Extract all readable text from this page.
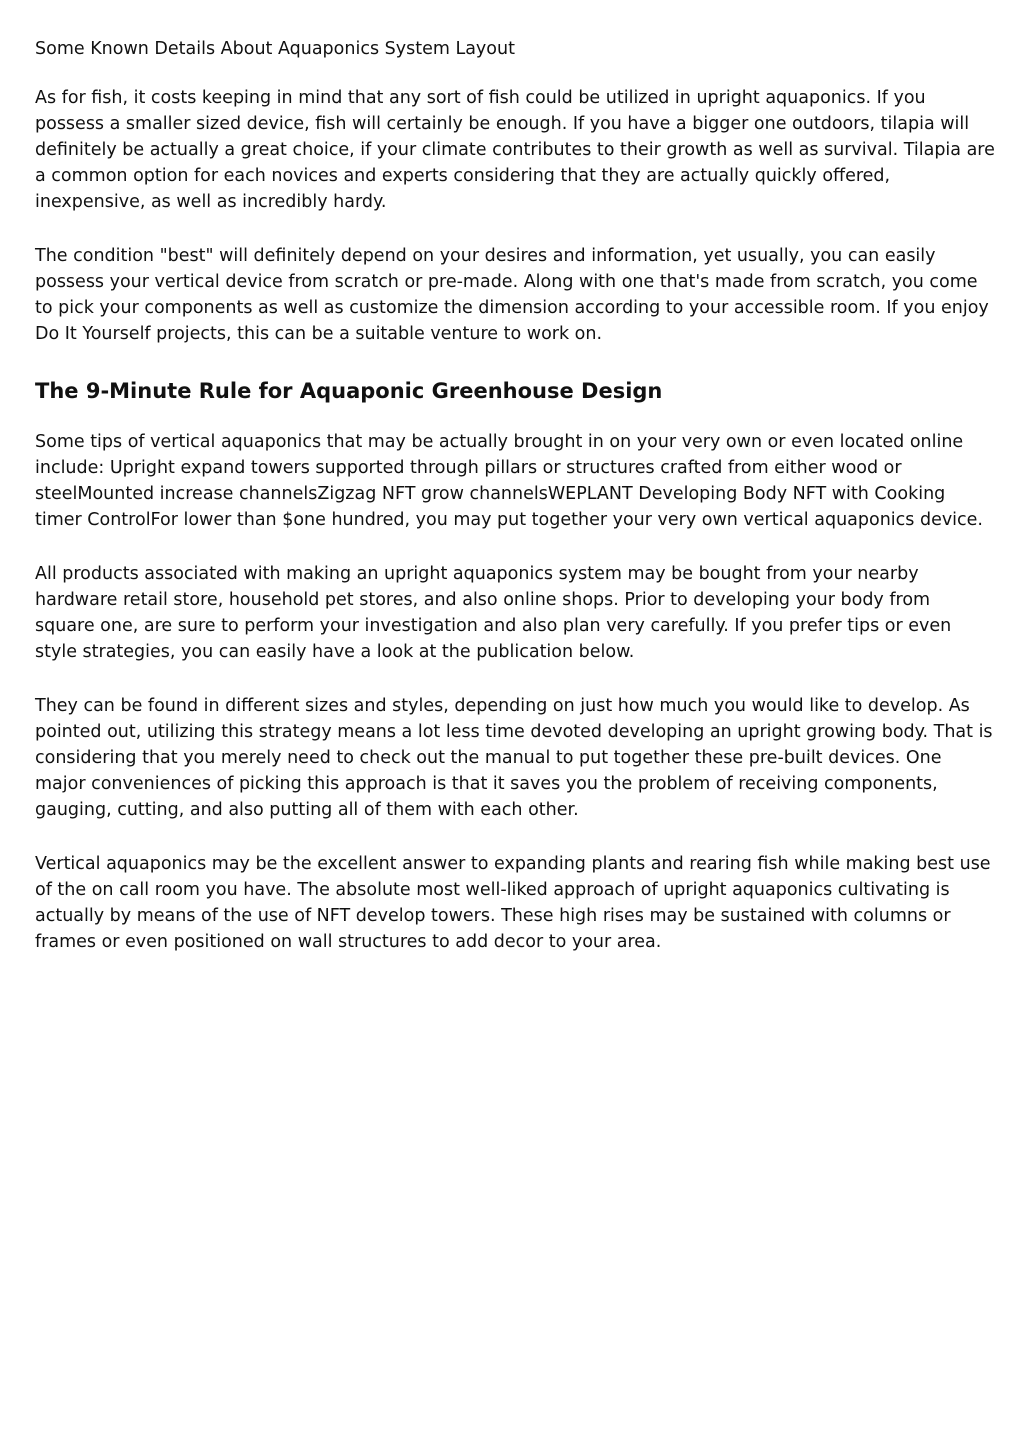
Some Known Details About Aquaponics System Layout

As for fish, it costs keeping in mind that any sort of fish could be utilized in upright aquaponics. If you possess a smaller sized device, fish will certainly be enough. If you have a bigger one outdoors, tilapia will definitely be actually a great choice, if your climate contributes to their growth as well as survival. Tilapia are a common option for each novices and experts considering that they are actually quickly offered, inexpensive, as well as incredibly hardy.

The condition "best" will definitely depend on your desires and information, yet usually, you can easily possess your vertical device from scratch or pre-made. Along with one that's made from scratch, you come to pick your components as well as customize the dimension according to your accessible room. If you enjoy Do It Yourself projects, this can be a suitable venture to work on.

The 9-Minute Rule for Aquaponic Greenhouse Design

Some tips of vertical aquaponics that may be actually brought in on your very own or even located online include: Upright expand towers supported through pillars or structures crafted from either wood or steelMounted increase channelsZigzag NFT grow channelsWEPLANT Developing Body NFT with Cooking timer ControlFor lower than $one hundred, you may put together your very own vertical aquaponics device.

All products associated with making an upright aquaponics system may be bought from your nearby hardware retail store, household pet stores, and also online shops. Prior to developing your body from square one, are sure to perform your investigation and also plan very carefully. If you prefer tips or even style strategies, you can easily have a look at the publication below.

They can be found in different sizes and styles, depending on just how much you would like to develop. As pointed out, utilizing this strategy means a lot less time devoted developing an upright growing body. That is considering that you merely need to check out the manual to put together these pre-built devices. One major conveniences of picking this approach is that it saves you the problem of receiving components, gauging, cutting, and also putting all of them with each other.

Vertical aquaponics may be the excellent answer to expanding plants and rearing fish while making best use of the on call room you have. The absolute most well-liked approach of upright aquaponics cultivating is actually by means of the use of NFT develop towers. These high rises may be sustained with columns or frames or even positioned on wall structures to add decor to your area.
